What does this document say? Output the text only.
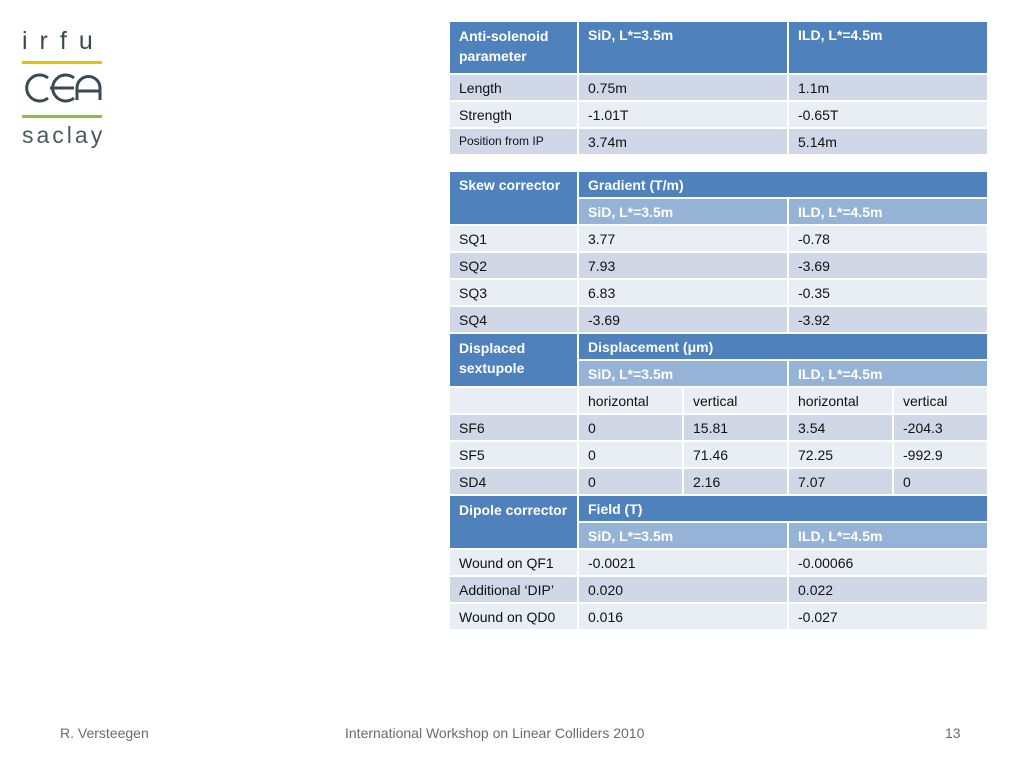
irfu
saclay
Anti-solenoid parameter	SiD, L*=3.5m		ILD, L*=4.5m	
Length	0.75m		1.1m	
Strength	-1.01T		-0.65T	
Position from IP	3.74m		5.14m	

Skew corrector	Gradient (T/m)			
	SiD, L*=3.5m		ILD, L*=4.5m	
SQ1	3.77		-0.78	
SQ2	7.93		-3.69	
SQ3	6.83		-0.35	
SQ4	-3.69		-3.92	
Displaced sextupole	Displacement (μm)			
	SiD, L*=3.5m		ILD, L*=4.5m	
	horizontal	vertical	horizontal	vertical
SF6	0	15.81	3.54	-204.3
SF5	0	71.46	72.25	-992.9
SD4	0	2.16	7.07	0
Dipole corrector	Field (T)			
	SiD, L*=3.5m		ILD, L*=4.5m	
Wound on QF1	-0.0021		-0.00066	
Additional ‘DIP’	0.020		0.022	
Wound on QD0	0.016		-0.027	
R. Versteegen	International Workshop on Linear Colliders 2010	13
